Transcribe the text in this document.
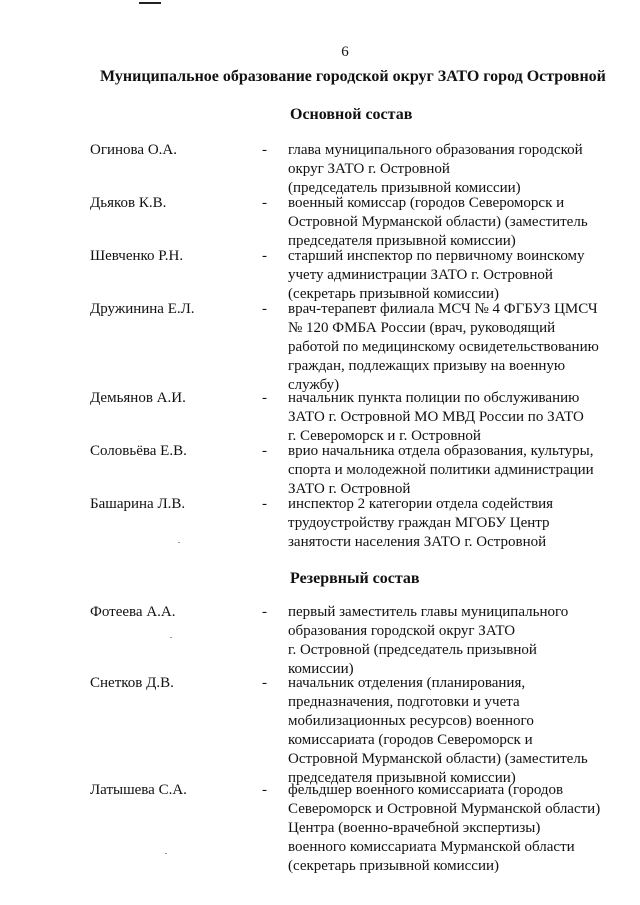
6
Муниципальное образование городской округ ЗАТО город Островной
Основной состав
Огинова О.А.	- глава муниципального образования городской
округ ЗАТО г. Островной
(председатель призывной комиссии)
Дьяков К.В.	- военный комиссар (городов Североморск и
Островной Мурманской области) (заместитель
председателя призывной комиссии)
Шевченко Р.Н.	- старший инспектор по первичному воинскому
учету администрации ЗАТО г. Островной
(секретарь призывной комиссии)
Дружинина Е.Л.	- врач-терапевт филиала МСЧ № 4 ФГБУЗ ЦМСЧ
№ 120 ФМБА России (врач, руководящий
работой по медицинскому освидетельствованию
граждан, подлежащих призыву на военную
службу)
Демьянов А.И.	- начальник пункта полиции по обслуживанию
ЗАТО г. Островной МО МВД России по ЗАТО
г. Североморск и г. Островной
Соловьёва Е.В.	- врио начальника отдела образования, культуры,
спорта и молодежной политики администрации
ЗАТО г. Островной
Башарина Л.В.	- инспектор 2 категории отдела содействия
трудоустройству граждан МГОБУ Центр
занятости населения ЗАТО г. Островной
Резервный состав
Фотеева А.А.	- первый заместитель главы муниципального
образования городской округ ЗАТО
г. Островной (председатель призывной
комиссии)
Снетков Д.В.	- начальник отделения (планирования,
предназначения, подготовки и учета
мобилизационных ресурсов) военного
комиссариата (городов Североморск и
Островной Мурманской области) (заместитель
председателя призывной комиссии)
Латышева С.А.	- фельдшер военного комиссариата (городов
Североморск и Островной Мурманской области)
Центра (военно-врачебной экспертизы)
военного комиссариата Мурманской области
(секретарь призывной комиссии)
